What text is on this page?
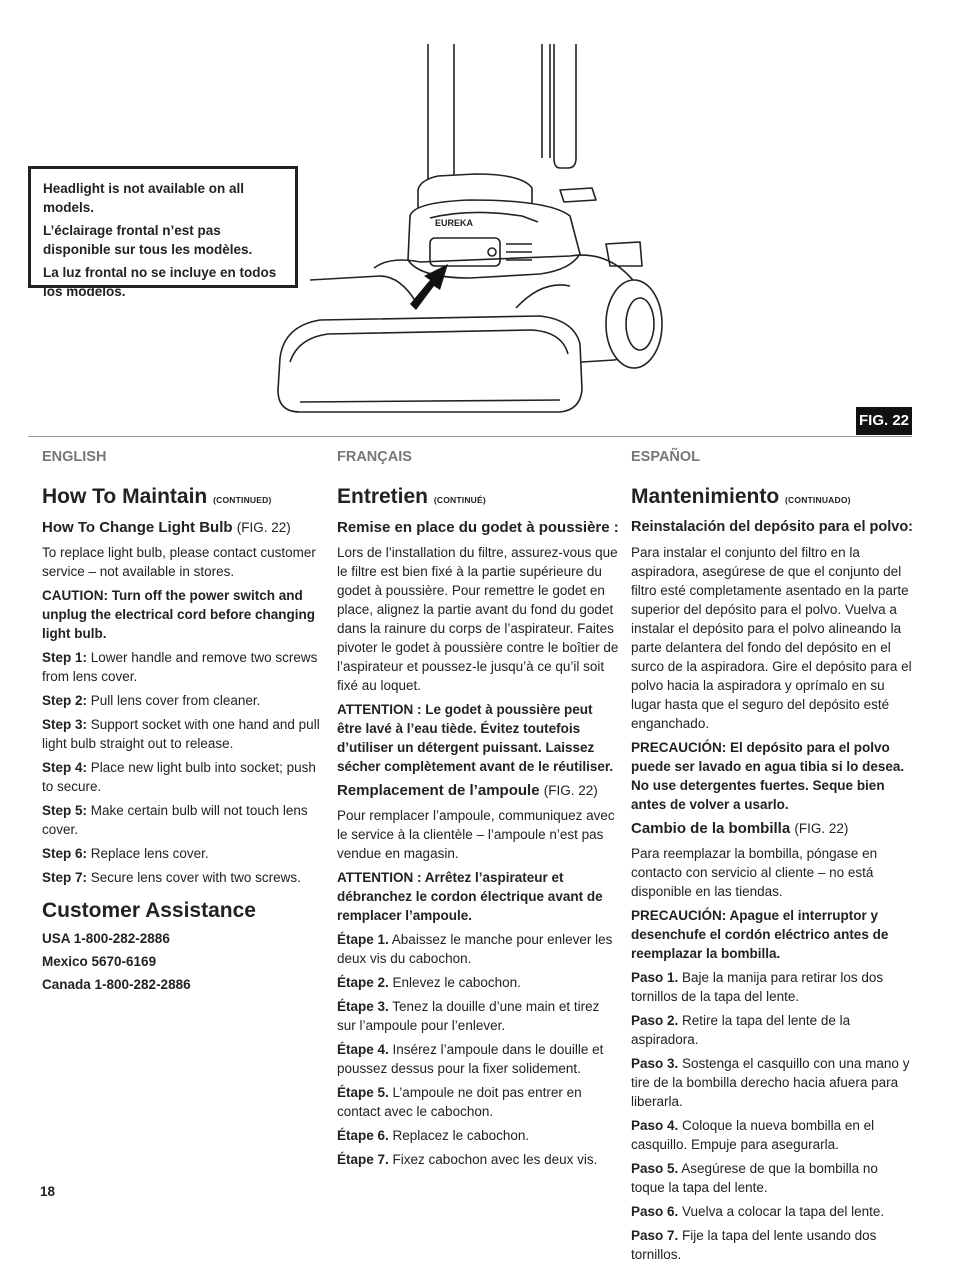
Headlight is not available on all models.

L’éclairage frontal n’est pas disponible sur tous les modèles.

La luz frontal no se incluye en todos los modelos.

EUREKA
FIG. 22

ENGLISH

How To Maintain (CONTINUED)
How To Change Light Bulb (FIG. 22)

To replace light bulb, please contact customer service – not available in stores.

CAUTION: Turn off the power switch and unplug the electrical cord before changing light bulb.

Step 1: Lower handle and remove two screws from lens cover.

Step 2: Pull lens cover from cleaner.

Step 3: Support socket with one hand and pull light bulb straight out to release.

Step 4: Place new light bulb into socket; push to secure.

Step 5: Make certain bulb will not touch lens cover.

Step 6: Replace lens cover.

Step 7: Secure lens cover with two screws.

Customer Assistance

USA 1-800-282-2886

Mexico 5670-6169

Canada 1-800-282-2886

FRANÇAIS

Entretien (CONTINUÉ)
Remise en place du godet à poussière :

Lors de l’installation du filtre, assurez-vous que le filtre est bien fixé à la partie supérieure du godet à poussière. Pour remettre le godet en place, alignez la partie avant du fond du godet dans la rainure du corps de l’aspirateur. Faites pivoter le godet à poussière contre le boîtier de l’aspirateur et poussez-le jusqu’à ce qu’il soit fixé au loquet.

ATTENTION : Le godet à poussière peut être lavé à l’eau tiède. Évitez toutefois d’utiliser un détergent puissant. Laissez sécher complètement avant de le réutiliser.

Remplacement de l’ampoule (FIG. 22)

Pour remplacer l’ampoule, communiquez avec le service à la clientèle – l’ampoule n’est pas vendue en magasin.

ATTENTION : Arrêtez l’aspirateur et débranchez le cordon électrique avant de remplacer l’ampoule.

Étape 1. Abaissez le manche pour enlever les deux vis du cabochon.

Étape 2. Enlevez le cabochon.

Étape 3. Tenez la douille d’une main et tirez sur l’ampoule pour l’enlever.

Étape 4. Insérez l’ampoule dans le douille et poussez dessus pour la fixer solidement.

Étape 5. L’ampoule ne doit pas entrer en contact avec le cabochon.

Étape 6. Replacez le cabochon.

Étape 7. Fixez cabochon avec les deux vis.

ESPAÑOL

Mantenimiento (CONTINUADO)
Reinstalación del depósito para el polvo:

Para instalar el conjunto del filtro en la aspiradora, asegúrese de que el conjunto del filtro esté completamente asentado en la parte superior del depósito para el polvo. Vuelva a instalar el depósito para el polvo alineando la parte delantera del fondo del depósito en el surco de la aspiradora. Gire el depósito para el polvo hacia la aspiradora y oprímalo en su lugar hasta que el seguro del depósito esté enganchado.

PRECAUCIÓN: El depósito para el polvo puede ser lavado en agua tibia si lo desea. No use detergentes fuertes. Seque bien antes de volver a usarlo.

Cambio de la bombilla (FIG. 22)

Para reemplazar la bombilla, póngase en contacto con servicio al cliente – no está disponible en las tiendas.

PRECAUCIÓN: Apague el interruptor y desenchufe el cordón eléctrico antes de reemplazar la bombilla.

Paso 1. Baje la manija para retirar los dos tornillos de la tapa del lente.

Paso 2. Retire la tapa del lente de la aspiradora.

Paso 3. Sostenga el casquillo con una mano y tire de la bombilla derecho hacia afuera para liberarla.

Paso 4. Coloque la nueva bombilla en el casquillo. Empuje para asegurarla.

Paso 5. Asegúrese de que la bombilla no toque la tapa del lente.

Paso 6. Vuelva a colocar la tapa del lente.

Paso 7. Fije la tapa del lente usando dos tornillos.

18
